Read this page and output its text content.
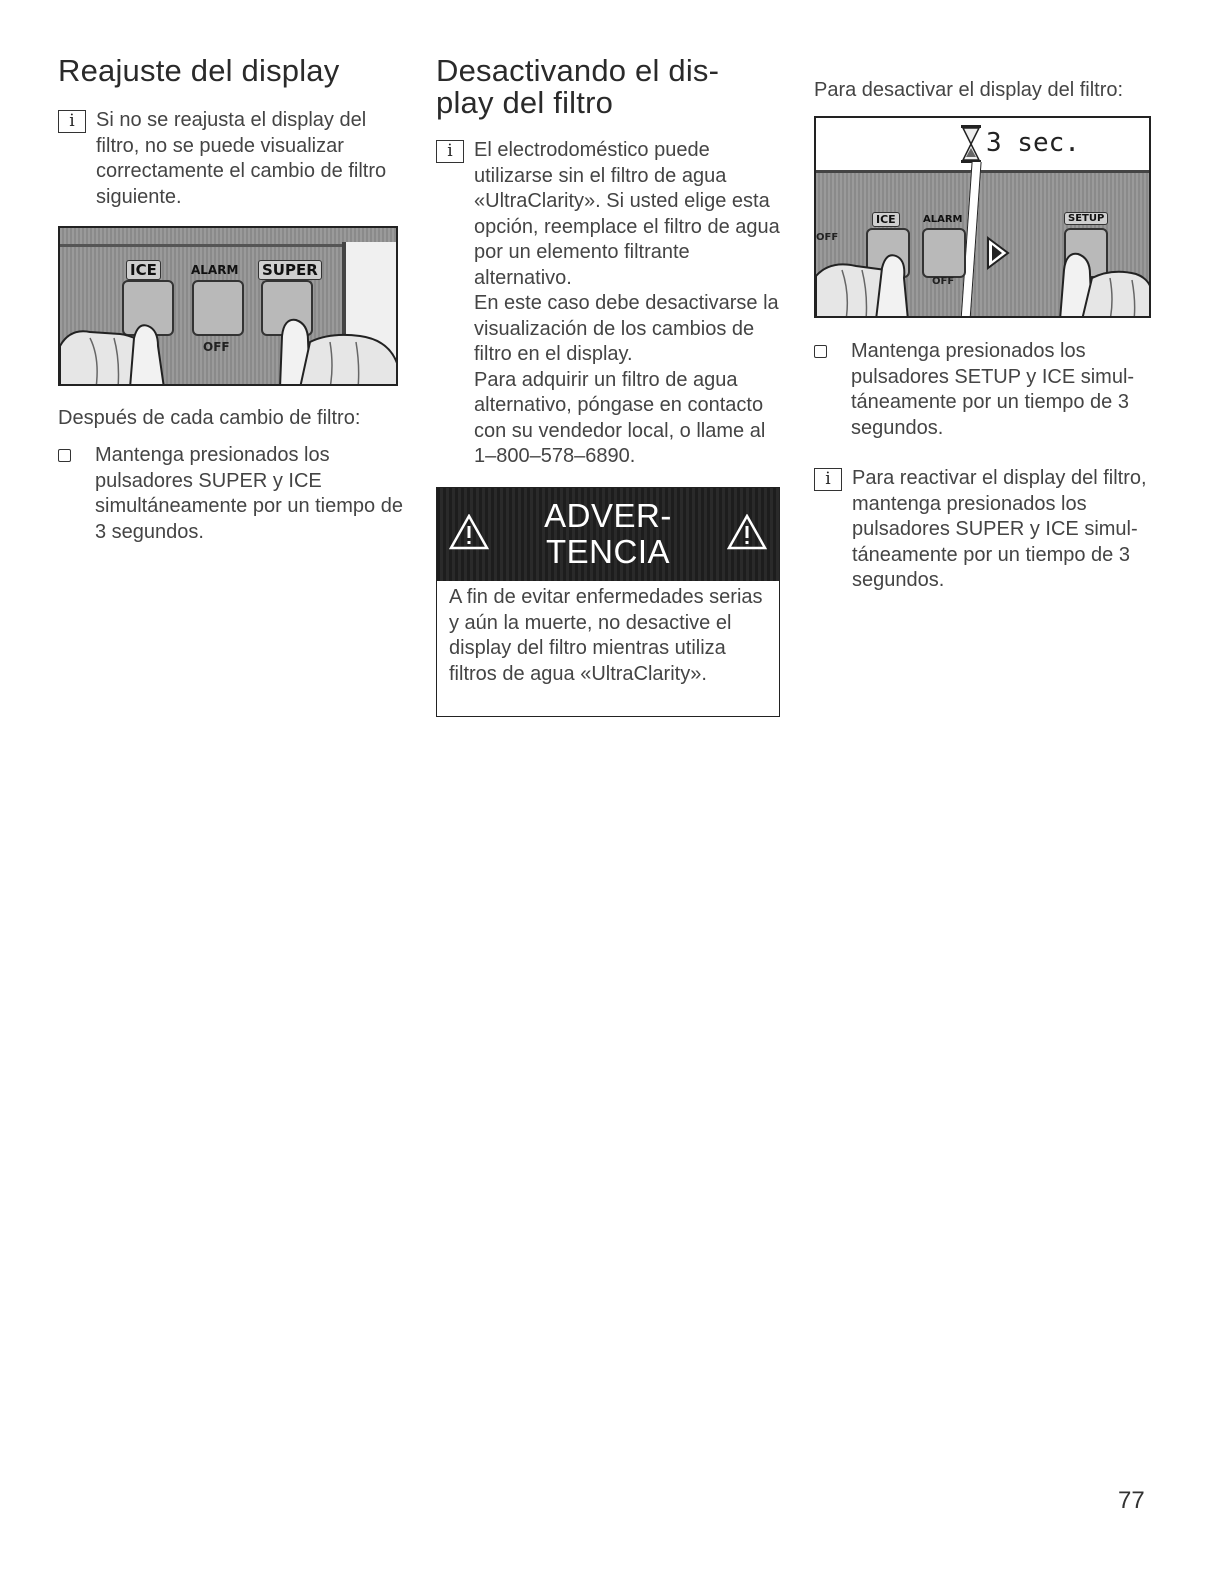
Reajuste del display
i	Si no se reajusta el display del filtro, no se puede visualizar correctamente el cambio de filtro siguiente.

ICE	ALARM SUPER
OFF

Después de cada cambio de filtro:

Mantenga presionados los pulsadores SUPER y ICE simultáneamente por un tiempo de 3 segundos.

Desactivando el dis-
play del filtro
i	El electrodoméstico puede utilizarse sin el filtro de agua «UltraClarity». Si usted elige esta opción, reemplace el filtro de agua por un elemento filtrante alternativo.

En este caso debe desactivarse la visualización de los cambios de filtro en el display.

Para adquirir un filtro de agua alternativo, póngase en contacto con su vendedor local, o llame al 1–800–578–6890.

ADVER-
TENCIA

A fin de evitar enfermedades serias y aún la muerte, no desactive el display del filtro mientras utiliza filtros de agua «UltraClarity».

Para desactivar el display del filtro:

3 sec.
OFF
ICE	ALARM	SETUP
OFF

Mantenga presionados los pulsadores SETUP y ICE simul-táneamente por un tiempo de 3 segundos.

i	Para reactivar el display del filtro, mantenga presionados los pulsadores SUPER y ICE simul-táneamente por un tiempo de 3 segundos.

77
